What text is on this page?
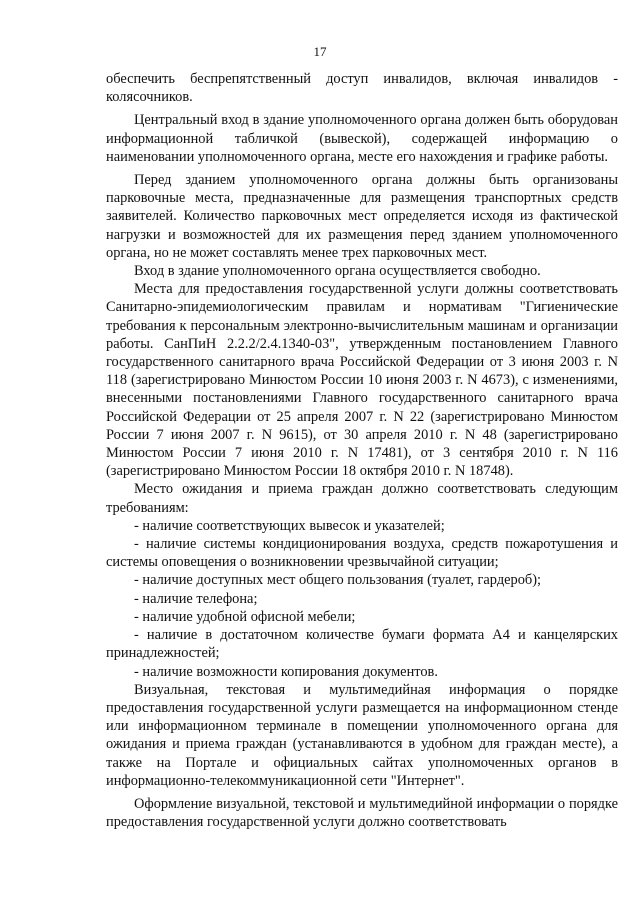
17

обеспечить беспрепятственный доступ инвалидов, включая инвалидов - колясочников.

Центральный вход в здание уполномоченного органа должен быть оборудован информационной табличкой (вывеской), содержащей информацию о наименовании уполномоченного органа, месте его нахождения и графике работы.

Перед зданием уполномоченного органа должны быть организованы парковочные места, предназначенные для размещения транспортных средств заявителей. Количество парковочных мест определяется исходя из фактической нагрузки и возможностей для их размещения перед зданием уполномоченного органа, но не может составлять менее трех парковочных мест.

Вход в здание уполномоченного органа осуществляется свободно.

Места для предоставления государственной услуги должны соответствовать Санитарно-эпидемиологическим правилам и нормативам "Гигиенические требования к персональным электронно-вычислительным машинам и организации работы. СанПиН 2.2.2/2.4.1340-03", утвержденным постановлением Главного государственного санитарного врача Российской Федерации от 3 июня 2003 г. N 118 (зарегистрировано Минюстом России 10 июня 2003 г. N 4673), с изменениями, внесенными постановлениями Главного государственного санитарного врача Российской Федерации от 25 апреля 2007 г. N 22 (зарегистрировано Минюстом России 7 июня 2007 г. N 9615), от 30 апреля 2010 г. N 48 (зарегистрировано Минюстом России 7 июня 2010 г. N 17481), от 3 сентября 2010 г. N 116 (зарегистрировано Минюстом России 18 октября 2010 г. N 18748).

Место ожидания и приема граждан должно соответствовать следующим требованиям:

- наличие соответствующих вывесок и указателей;

- наличие системы кондиционирования воздуха, средств пожаротушения и системы оповещения о возникновении чрезвычайной ситуации;

- наличие доступных мест общего пользования (туалет, гардероб);

- наличие телефона;

- наличие удобной офисной мебели;

- наличие в достаточном количестве бумаги формата А4 и канцелярских принадлежностей;

- наличие возможности копирования документов.

Визуальная, текстовая и мультимедийная информация о порядке предоставления государственной услуги размещается на информационном стенде или информационном терминале в помещении уполномоченного органа для ожидания и приема граждан (устанавливаются в удобном для граждан месте), а также на Портале и официальных сайтах уполномоченных органов в информационно-телекоммуникационной сети "Интернет".

Оформление визуальной, текстовой и мультимедийной информации о порядке предоставления государственной услуги должно соответствовать
